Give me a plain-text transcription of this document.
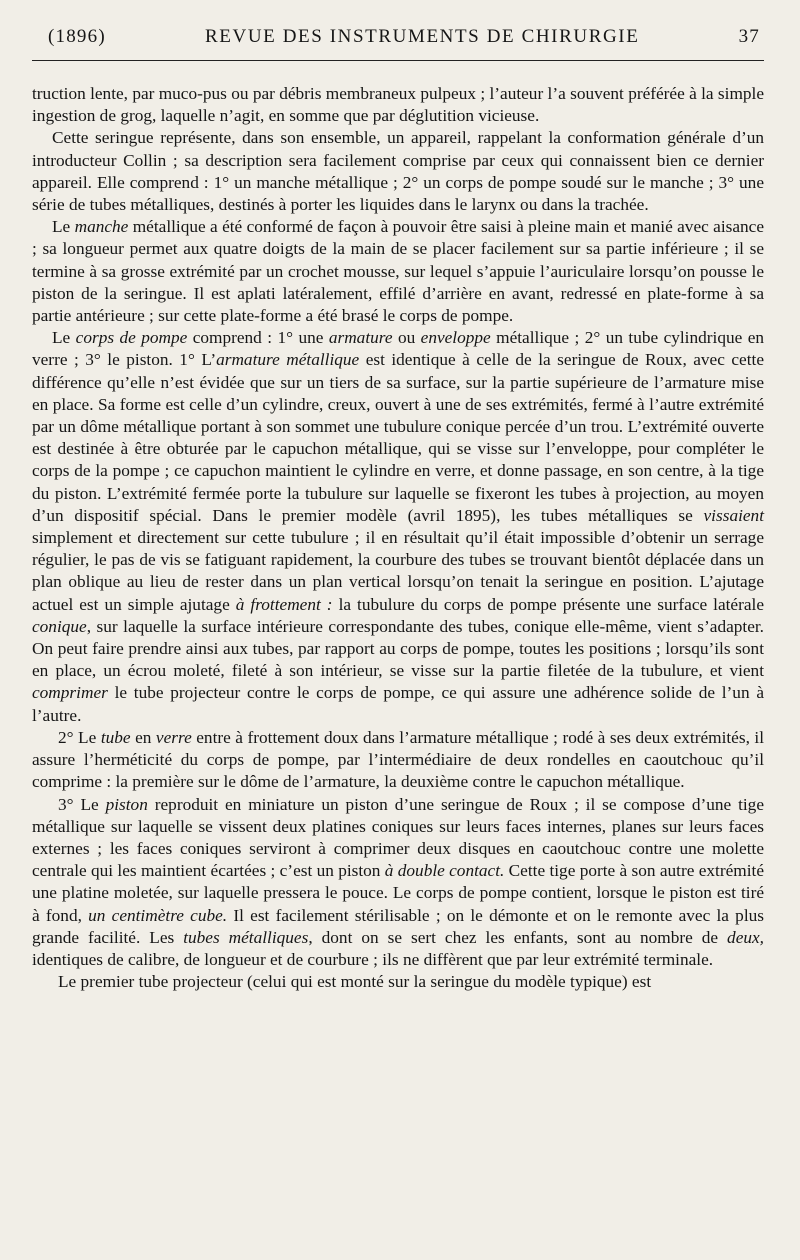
(1896)	REVUE DES INSTRUMENTS DE CHIRURGIE	37

truction lente, par muco-pus ou par débris membraneux pulpeux ; l’auteur l’a souvent préférée à la simple ingestion de grog, laquelle n’agit, en somme que par déglutition vicieuse.

Cette seringue représente, dans son ensemble, un appareil, rappelant la conformation générale d’un introducteur Collin ; sa description sera facilement comprise par ceux qui connaissent bien ce dernier appareil. Elle comprend : 1° un manche métallique ; 2° un corps de pompe soudé sur le manche ; 3° une série de tubes métalliques, destinés à porter les liquides dans le larynx ou dans la trachée.

Le manche métallique a été conformé de façon à pouvoir être saisi à pleine main et manié avec aisance ; sa longueur permet aux quatre doigts de la main de se placer facilement sur sa partie inférieure ; il se termine à sa grosse extrémité par un crochet mousse, sur lequel s’appuie l’auriculaire lorsqu’on pousse le piston de la seringue. Il est aplati latéralement, effilé d’arrière en avant, redressé en plate-forme à sa partie antérieure ; sur cette plate-forme a été brasé le corps de pompe.

Le corps de pompe comprend : 1° une armature ou enveloppe métallique ; 2° un tube cylindrique en verre ; 3° le piston. 1° L’armature métallique est identique à celle de la seringue de Roux, avec cette différence qu’elle n’est évidée que sur un tiers de sa surface, sur la partie supérieure de l’armature mise en place. Sa forme est celle d’un cylindre, creux, ouvert à une de ses extrémités, fermé à l’autre extrémité par un dôme métallique portant à son sommet une tubulure conique percée d’un trou. L’extrémité ouverte est destinée à être obturée par le capuchon métallique, qui se visse sur l’enveloppe, pour compléter le corps de la pompe ; ce capuchon maintient le cylindre en verre, et donne passage, en son centre, à la tige du piston. L’extrémité fermée porte la tubulure sur laquelle se fixeront les tubes à projection, au moyen d’un dispositif spécial. Dans le premier modèle (avril 1895), les tubes métalliques se vissaient simplement et directement sur cette tubulure ; il en résultait qu’il était impossible d’obtenir un serrage régulier, le pas de vis se fatiguant rapidement, la courbure des tubes se trouvant bientôt déplacée dans un plan oblique au lieu de rester dans un plan vertical lorsqu’on tenait la seringue en position. L’ajutage actuel est un simple ajutage à frottement : la tubulure du corps de pompe présente une surface latérale conique, sur laquelle la surface intérieure correspondante des tubes, conique elle-même, vient s’adapter. On peut faire prendre ainsi aux tubes, par rapport au corps de pompe, toutes les positions ; lorsqu’ils sont en place, un écrou moleté, fileté à son intérieur, se visse sur la partie filetée de la tubulure, et vient comprimer le tube projecteur contre le corps de pompe, ce qui assure une adhérence solide de l’un à l’autre.

2° Le tube en verre entre à frottement doux dans l’armature métallique ; rodé à ses deux extrémités, il assure l’herméticité du corps de pompe, par l’intermédiaire de deux rondelles en caoutchouc qu’il comprime : la première sur le dôme de l’armature, la deuxième contre le capuchon métallique.

3° Le piston reproduit en miniature un piston d’une seringue de Roux ; il se compose d’une tige métallique sur laquelle se vissent deux platines coniques sur leurs faces internes, planes sur leurs faces externes ; les faces coniques serviront à comprimer deux disques en caoutchouc contre une molette centrale qui les maintient écartées ; c’est un piston à double contact. Cette tige porte à son autre extrémité une platine moletée, sur laquelle pressera le pouce. Le corps de pompe contient, lorsque le piston est tiré à fond, un centimètre cube. Il est facilement stérilisable ; on le démonte et on le remonte avec la plus grande facilité. Les tubes métalliques, dont on se sert chez les enfants, sont au nombre de deux, identiques de calibre, de longueur et de courbure ; ils ne diffèrent que par leur extrémité terminale.

Le premier tube projecteur (celui qui est monté sur la seringue du modèle typique) est
